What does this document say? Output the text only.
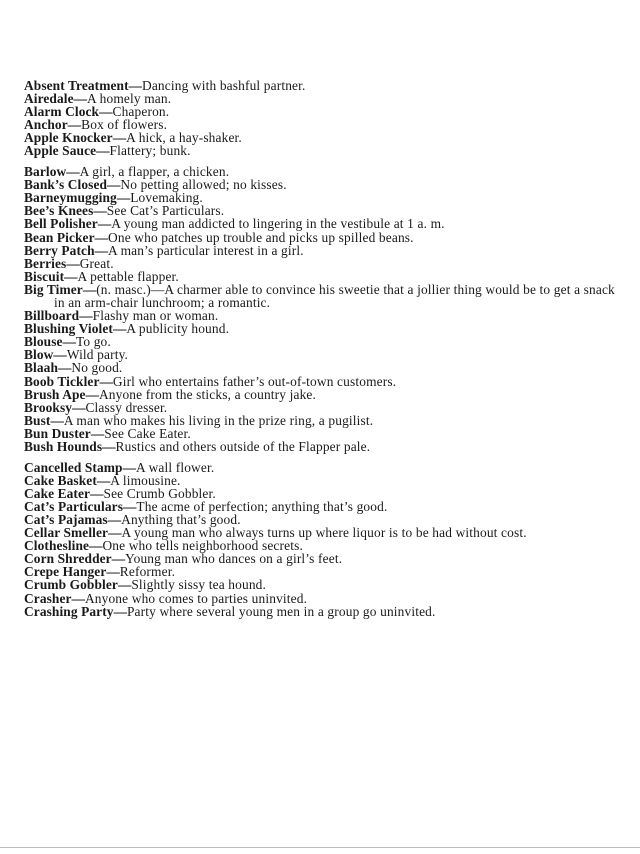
Absent Treatment—Dancing with bashful partner.
Airedale—A homely man.
Alarm Clock—Chaperon.
Anchor—Box of flowers.
Apple Knocker—A hick, a hay-shaker.
Apple Sauce—Flattery; bunk.
Barlow—A girl, a flapper, a chicken.
Bank’s Closed—No petting allowed; no kisses.
Barneymugging—Lovemaking.
Bee’s Knees—See Cat’s Particulars.
Bell Polisher—A young man addicted to lingering in the vestibule at 1 a. m.
Bean Picker—One who patches up trouble and picks up spilled beans.
Berry Patch—A man’s particular interest in a girl.
Berries—Great.
Biscuit—A pettable flapper.
Big Timer—(n. masc.)—A charmer able to convince his sweetie that a jollier thing would be to get a snack in an arm-chair lunchroom; a romantic.
Billboard—Flashy man or woman.
Blushing Violet—A publicity hound.
Blouse—To go.
Blow—Wild party.
Blaah—No good.
Boob Tickler—Girl who entertains father’s out-of-town customers.
Brush Ape—Anyone from the sticks, a country jake.
Brooksy—Classy dresser.
Bust—A man who makes his living in the prize ring, a pugilist.
Bun Duster—See Cake Eater.
Bush Hounds—Rustics and others outside of the Flapper pale.
Cancelled Stamp—A wall flower.
Cake Basket—A limousine.
Cake Eater—See Crumb Gobbler.
Cat’s Particulars—The acme of perfection; anything that’s good.
Cat’s Pajamas—Anything that’s good.
Cellar Smeller—A young man who always turns up where liquor is to be had without cost.
Clothesline—One who tells neighborhood secrets.
Corn Shredder—Young man who dances on a girl’s feet.
Crepe Hanger—Reformer.
Crumb Gobbler—Slightly sissy tea hound.
Crasher—Anyone who comes to parties uninvited.
Crashing Party—Party where several young men in a group go uninvited.
